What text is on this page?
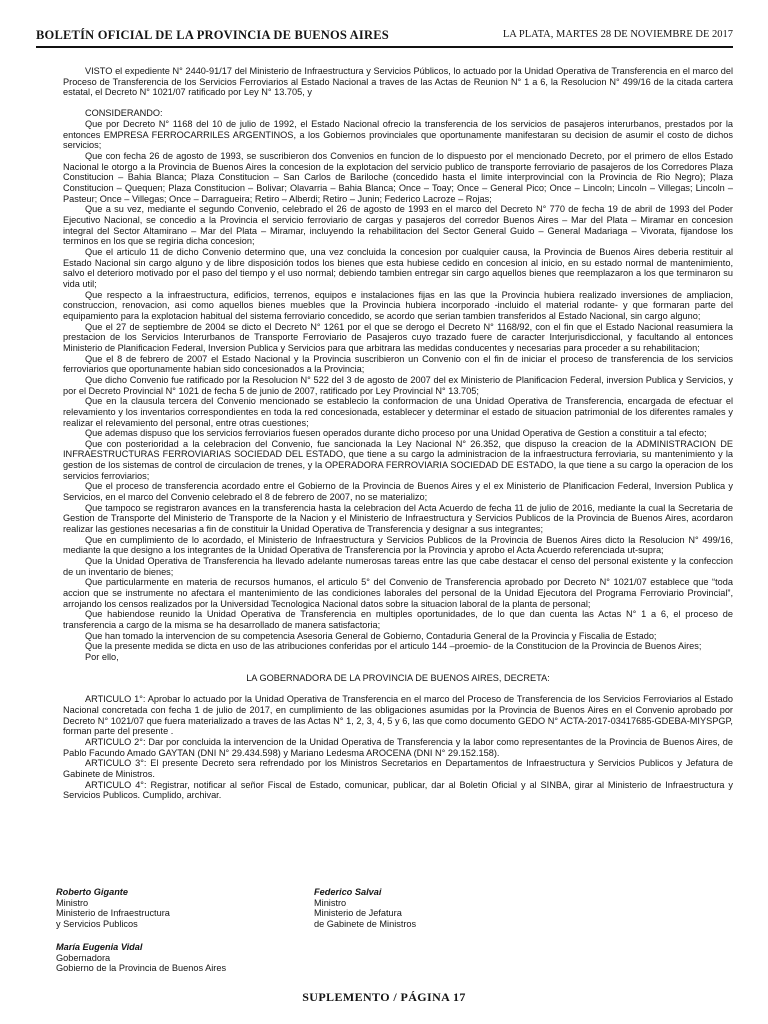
BOLETÍN OFICIAL DE LA PROVINCIA DE BUENOS AIRES	LA PLATA, MARTES 28 DE NOVIEMBRE DE 2017

VISTO el expediente N° 2440-91/17 del Ministerio de Infraestructura y Servicios Públicos, lo actuado por la Unidad Operativa de Transferencia en el marco del Proceso de Transferencia de los Servicios Ferroviarios al Estado Nacional a traves de las Actas de Reunion N° 1 a 6, la Resolucion N° 499/16 de la citada cartera estatal, el Decreto N° 1021/07 ratificado por Ley N° 13.705, y

CONSIDERANDO:

Que por Decreto N° 1168 del 10 de julio de 1992, el Estado Nacional ofrecio la transferencia de los servicios de pasajeros interurbanos, prestados por la entonces EMPRESA FERROCARRILES ARGENTINOS, a los Gobiernos provinciales que oportunamente manifestaran su decision de asumir el costo de dichos servicios;

Que con fecha 26 de agosto de 1993, se suscribieron dos Convenios en funcion de lo dispuesto por el mencionado Decreto, por el primero de ellos Estado Nacional le otorgo a la Provincia de Buenos Aires la concesion de la explotacion del servicio publico de transporte ferroviario de pasajeros de los Corredores Plaza Constitucion – Bahia Blanca; Plaza Constitucion – San Carlos de Bariloche (concedido hasta el limite interprovincial con la Provincia de Rio Negro); Plaza Constitucion – Quequen; Plaza Constitucion – Bolivar; Olavarria – Bahia Blanca; Once – Toay; Once – General Pico; Once – Lincoln; Lincoln – Villegas; Lincoln – Pasteur; Once – Villegas; Once – Darragueira; Retiro – Alberdi; Retiro – Junin; Federico Lacroze – Rojas;

Que a su vez, mediante el segundo Convenio, celebrado el 26 de agosto de 1993 en el marco del Decreto N° 770 de fecha 19 de abril de 1993 del Poder Ejecutivo Nacional, se concedio a la Provincia el servicio ferroviario de cargas y pasajeros del corredor Buenos Aires – Mar del Plata – Miramar en concesion integral del Sector Altamirano – Mar del Plata – Miramar, incluyendo la rehabilitacion del Sector General Guido – General Madariaga – Vivorata, fijandose los terminos en los que se regiria dicha concesion;

Que el articulo 11 de dicho Convenio determino que, una vez concluida la concesion por cualquier causa, la Provincia de Buenos Aires deberia restituir al Estado Nacional sin cargo alguno y de libre disposición todos los bienes que esta hubiese cedido en concesion al inicio, en su estado normal de mantenimiento, salvo el deterioro motivado por el paso del tiempo y el uso normal; debiendo tambien entregar sin cargo aquellos bienes que reemplazaron a los que terminaron su vida util;

Que respecto a la infraestructura, edificios, terrenos, equipos e instalaciones fijas en las que la Provincia hubiera realizado inversiones de ampliacion, construccion, renovacion, asi como aquellos bienes muebles que la Provincia hubiera incorporado -incluido el material rodante- y que formaran parte del equipamiento para la explotacion habitual del sistema ferroviario concedido, se acordo que serian tambien transferidos al Estado Nacional, sin cargo alguno;

Que el 27 de septiembre de 2004 se dicto el Decreto N° 1261 por el que se derogo el Decreto N° 1168/92, con el fin que el Estado Nacional reasumiera la prestacion de los Servicios Interurbanos de Transporte Ferroviario de Pasajeros cuyo trazado fuere de caracter Interjurisdiccional, y facultando al entonces Ministerio de Planificacion Federal, Inversion Publica y Servicios para que arbitrara las medidas conducentes y necesarias para proceder a su rehabilitacion;

Que el 8 de febrero de 2007 el Estado Nacional y la Provincia suscribieron un Convenio con el fin de iniciar el proceso de transferencia de los servicios ferroviarios que oportunamente habian sido concesionados a la Provincia;

Que dicho Convenio fue ratificado por la Resolucion N° 522 del 3 de agosto de 2007 del ex Ministerio de Planificacion Federal, inversion Publica y Servicios, y por el Decreto Provincial N° 1021 de fecha 5 de junio de 2007, ratificado por Ley Provincial N° 13.705;

Que en la clausula tercera del Convenio mencionado se establecio la conformacion de una Unidad Operativa de Transferencia, encargada de efectuar el relevamiento y los inventarios correspondientes en toda la red concesionada, establecer y determinar el estado de situacion patrimonial de los diferentes ramales y realizar el relevamiento del personal, entre otras cuestiones;

Que ademas dispuso que los servicios ferroviarios fuesen operados durante dicho proceso por una Unidad Operativa de Gestion a constituir a tal efecto;

Que con posterioridad a la celebracion del Convenio, fue sancionada la Ley Nacional N° 26.352, que dispuso la creacion de la ADMINISTRACION DE INFRAESTRUCTURAS FERROVIARIAS SOCIEDAD DEL ESTADO, que tiene a su cargo la administracion de la infraestructura ferroviaria, su mantenimiento y la gestion de los sistemas de control de circulacion de trenes, y la OPERADORA FERROVIARIA SOCIEDAD DE ESTADO, la que tiene a su cargo la operacion de los servicios ferroviarios;

Que el proceso de transferencia acordado entre el Gobierno de la Provincia de Buenos Aires y el ex Ministerio de Planificacion Federal, Inversion Publica y Servicios, en el marco del Convenio celebrado el 8 de febrero de 2007, no se materializo;

Que tampoco se registraron avances en la transferencia hasta la celebracion del Acta Acuerdo de fecha 11 de julio de 2016, mediante la cual la Secretaria de Gestion de Transporte del Ministerio de Transporte de la Nacion y el Ministerio de Infraestructura y Servicios Publicos de la Provincia de Buenos Aires, acordaron realizar las gestiones necesarias a fin de constituir la Unidad Operativa de Transferencia y designar a sus integrantes;

Que en cumplimiento de lo acordado, el Ministerio de Infraestructura y Servicios Publicos de la Provincia de Buenos Aires dicto la Resolucion N° 499/16, mediante la que designo a los integrantes de la Unidad Operativa de Transferencia por la Provincia y aprobo el Acta Acuerdo referenciada ut-supra;

Que la Unidad Operativa de Transferencia ha llevado adelante numerosas tareas entre las que cabe destacar el censo del personal existente y la confeccion de un inventario de bienes;

Que particularmente en materia de recursos humanos, el articulo 5° del Convenio de Transferencia aprobado por Decreto N° 1021/07 establece que “toda accion que se instrumente no afectara el mantenimiento de las condiciones laborales del personal de la Unidad Ejecutora del Programa Ferroviario Provincial”, arrojando los censos realizados por la Universidad Tecnologica Nacional datos sobre la situacion laboral de la planta de personal;

Que habiendose reunido la Unidad Operativa de Transferencia en multiples oportunidades, de lo que dan cuenta las Actas N° 1 a 6, el proceso de transferencia a cargo de la misma se ha desarrollado de manera satisfactoria;

Que han tomado la intervencion de su competencia Asesoria General de Gobierno, Contaduria General de la Provincia y Fiscalia de Estado;

Que la presente medida se dicta en uso de las atribuciones conferidas por el articulo 144 –proemio- de la Constitucion de la Provincia de Buenos Aires;

Por ello,

LA GOBERNADORA DE LA PROVINCIA DE BUENOS AIRES, DECRETA:

ARTICULO 1°: Aprobar lo actuado por la Unidad Operativa de Transferencia en el marco del Proceso de Transferencia de los Servicios Ferroviarios al Estado Nacional concretada con fecha 1 de julio de 2017, en cumplimiento de las obligaciones asumidas por la Provincia de Buenos Aires en el Convenio aprobado por Decreto N° 1021/07 que fuera materializado a traves de las Actas N° 1, 2, 3, 4, 5 y 6, las que como documento GEDO N° ACTA-2017-03417685-GDEBA-MIYSPGP, forman parte del presente .

ARTICULO 2°: Dar por concluida la intervencion de la Unidad Operativa de Transferencia y la labor como representantes de la Provincia de Buenos Aires, de Pablo Facundo Amado GAYTAN (DNI N° 29.434.598) y Mariano Ledesma AROCENA (DNI N° 29.152.158).

ARTICULO 3°: El presente Decreto sera refrendado por los Ministros Secretarios en Departamentos de Infraestructura y Servicios Publicos y Jefatura de Gabinete de Ministros.

ARTICULO 4°: Registrar, notificar al señor Fiscal de Estado, comunicar, publicar, dar al Boletin Oficial y al SINBA, girar al Ministerio de Infraestructura y Servicios Publicos. Cumplido, archivar.

Roberto Gigante
Ministro
Ministerio de Infraestructura
y Servicios Publicos
Federico Salvai
Ministro
Ministerio de Jefatura
de Gabinete de Ministros
María Eugenia Vidal
Gobernadora
Gobierno de la Provincia de Buenos Aires
SUPLEMENTO / PÁGINA 17
